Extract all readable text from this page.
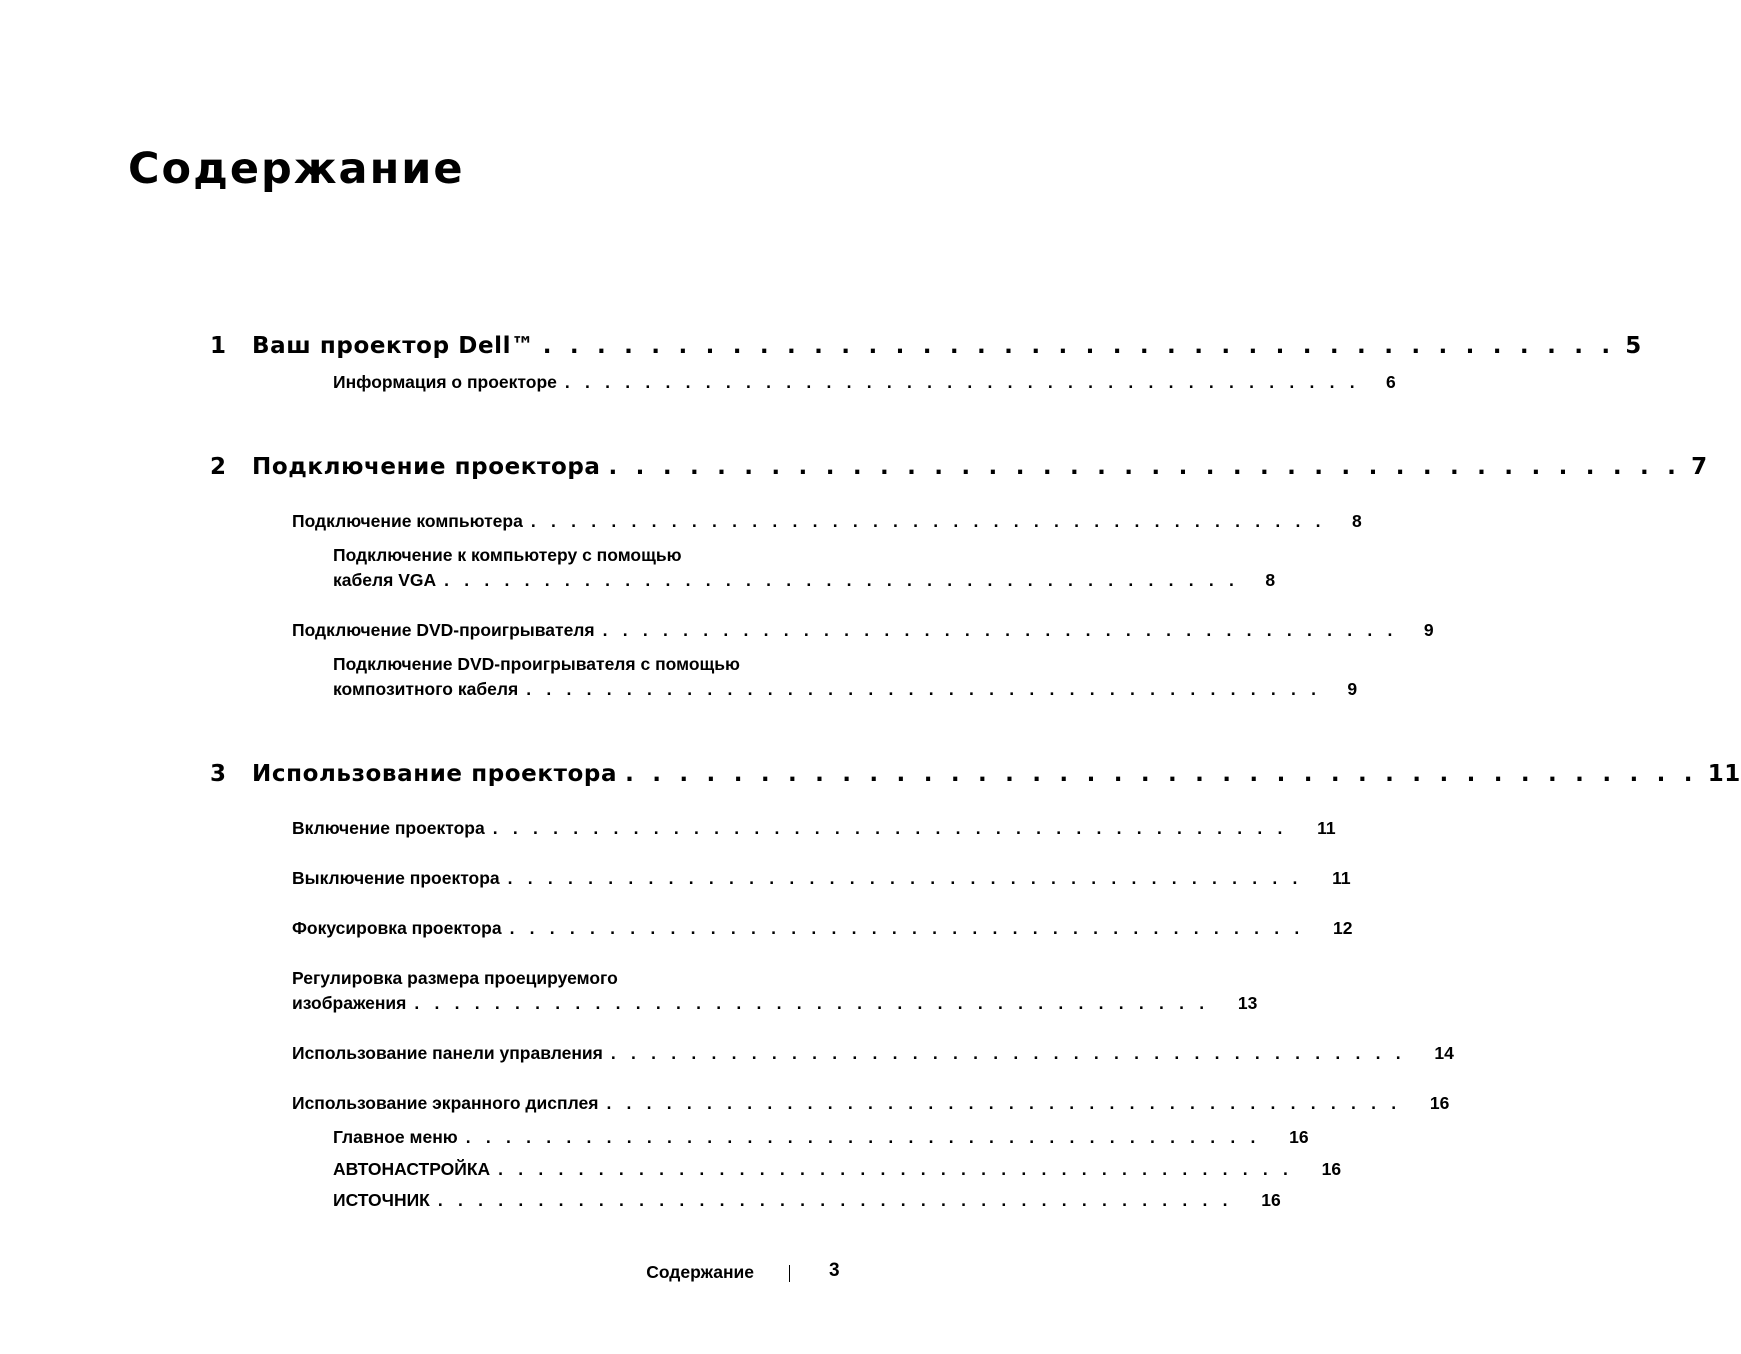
Содержание
1 Ваш проектор Dell™ . . . . . . . . . . . . . . . . . . . . . . . . . . . . . . . . . . . . . . . . 5
Информация о проекторе . . . . . . . . . . . . . . . . . . . . . . . . . . . . . . . . . . . . . . . .	6
2 Подключение проектора . . . . . . . . . . . . . . . . . . . . . . . . . . . . . . . . . . . . . . . . 7
Подключение компьютера . . . . . . . . . . . . . . . . . . . . . . . . . . . . . . . . . . . . . . . .	8
Подключение к компьютеру с помощью
кабеля VGA . . . . . . . . . . . . . . . . . . . . . . . . . . . . . . . . . . . . . . . .	8
Подключение DVD-проигрывателя . . . . . . . . . . . . . . . . . . . . . . . . . . . . . . . . . . . . . . . .	9
Подключение DVD-проигрывателя с помощью
композитного кабеля . . . . . . . . . . . . . . . . . . . . . . . . . . . . . . . . . . . . . . . .	9
3 Использование проектора . . . . . . . . . . . . . . . . . . . . . . . . . . . . . . . . . . . . . . . . 11
Включение проектора . . . . . . . . . . . . . . . . . . . . . . . . . . . . . . . . . . . . . . . .	11
Выключение проектора . . . . . . . . . . . . . . . . . . . . . . . . . . . . . . . . . . . . . . . .	11
Фокусировка проектора . . . . . . . . . . . . . . . . . . . . . . . . . . . . . . . . . . . . . . . .	12
Регулировка размера проецируемого
изображения . . . . . . . . . . . . . . . . . . . . . . . . . . . . . . . . . . . . . . . .	13
Использование панели управления . . . . . . . . . . . . . . . . . . . . . . . . . . . . . . . . . . . . . . . .	14
Использование экранного дисплея . . . . . . . . . . . . . . . . . . . . . . . . . . . . . . . . . . . . . . . .	16
Главное меню . . . . . . . . . . . . . . . . . . . . . . . . . . . . . . . . . . . . . . . .	16
АВТОНАСТРОЙКА . . . . . . . . . . . . . . . . . . . . . . . . . . . . . . . . . . . . . . . .	16
ИСТОЧНИК . . . . . . . . . . . . . . . . . . . . . . . . . . . . . . . . . . . . . . . .	16
Содержание	3
